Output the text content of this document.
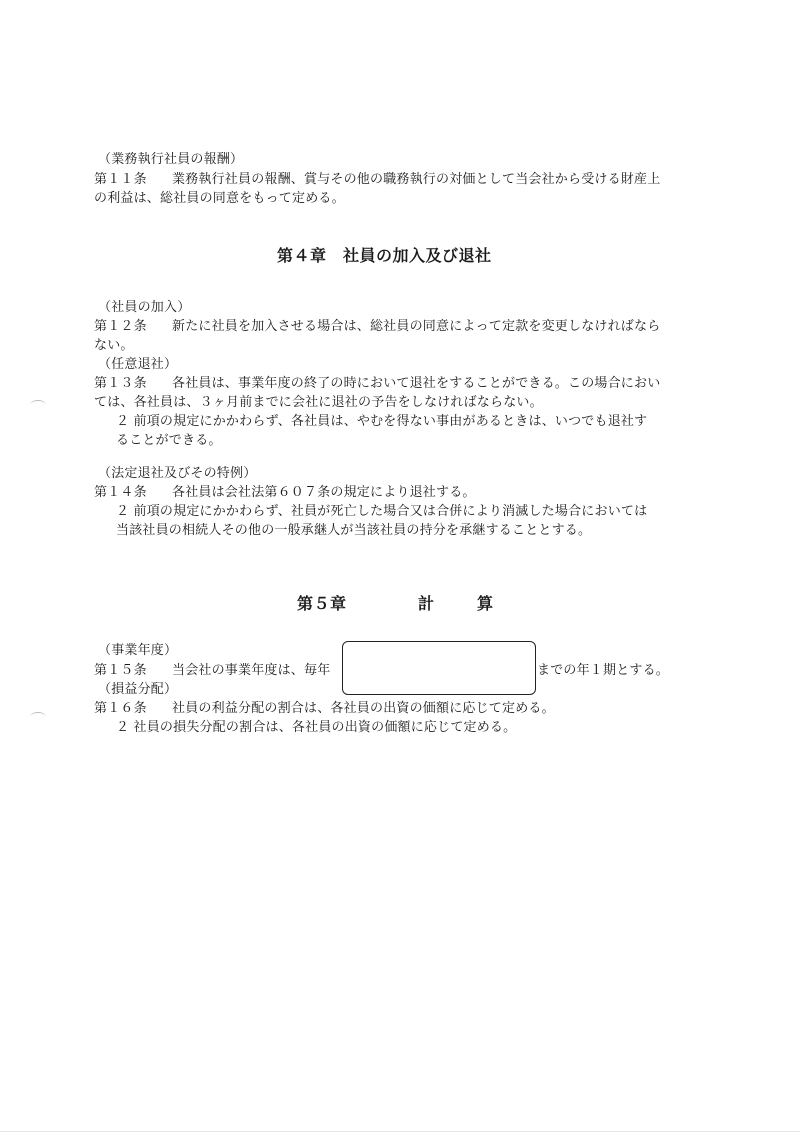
（業務執行社員の報酬）
第１１条 業務執行社員の報酬、賞与その他の職務執行の対価として当会社から受ける財産上
の利益は、総社員の同意をもって定める。
第４章　社員の加入及び退社
（社員の加入）
第１２条 新たに社員を加入させる場合は、総社員の同意によって定款を変更しなければなら
ない。
（任意退社）
第１３条 各社員は、事業年度の終了の時において退社をすることができる。この場合におい
ては、各社員は、３ヶ月前までに会社に退社の予告をしなければならない。
２ 前項の規定にかかわらず、各社員は、やむを得ない事由があるときは、いつでも退社す
ることができる。
（法定退社及びその特例）
第１４条 各社員は会社法第６０７条の規定により退社する。
２ 前項の規定にかかわらず、社員が死亡した場合又は合併により消滅した場合においては
当該社員の相続人その他の一般承継人が当該社員の持分を承継することとする。
第５章	計	算
（事業年度）
第１５条 当会社の事業年度は、毎年	までの年１期とする。
（損益分配）
第１６条 社員の利益分配の割合は、各社員の出資の価額に応じて定める。
２ 社員の損失分配の割合は、各社員の出資の価額に応じて定める。
